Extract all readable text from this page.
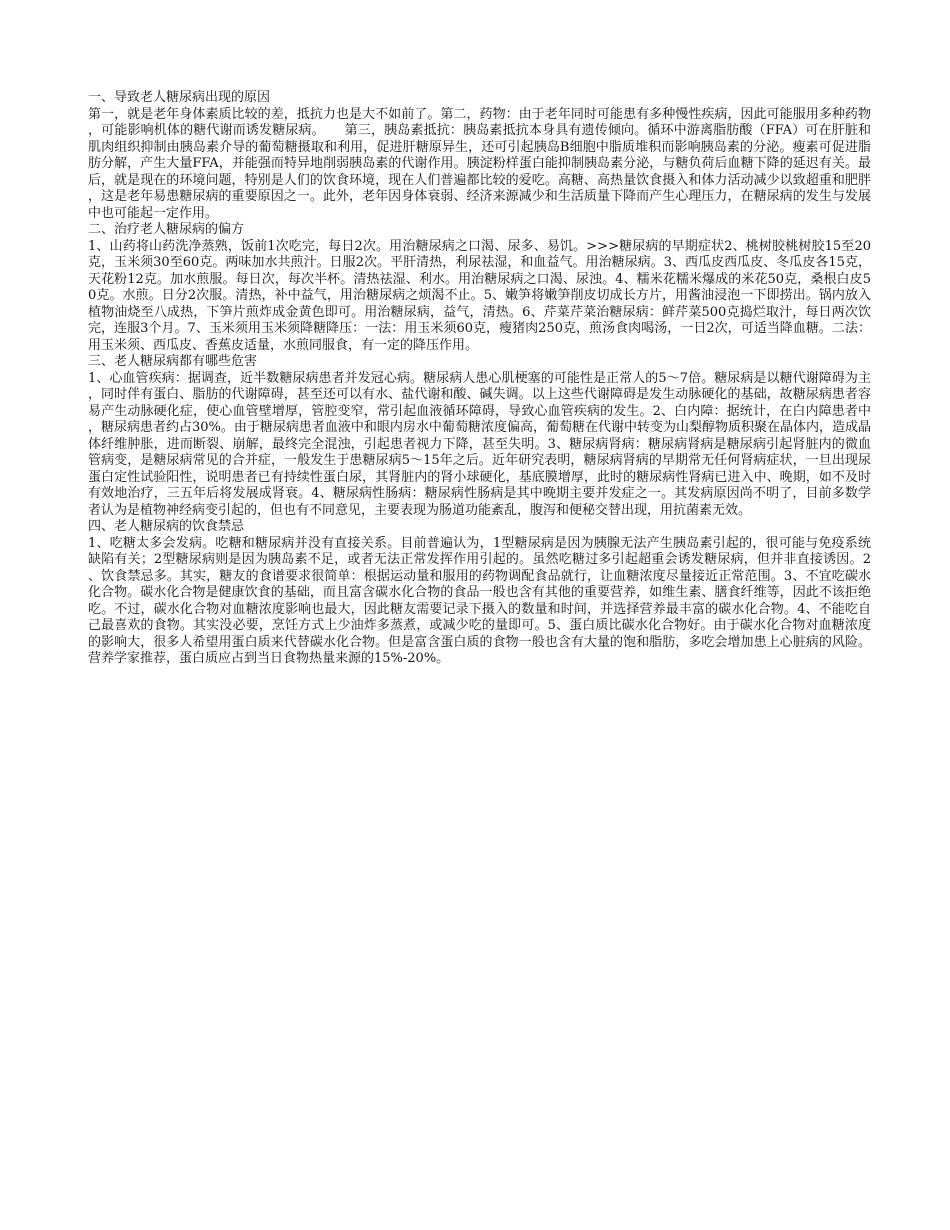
一、导致老人糖尿病出现的原因

第一，就是老年身体素质比较的差，抵抗力也是大不如前了。第二，药物：由于老年同时可能患有多种慢性疾病，因此可能服用多种药物，可能影响机体的糖代谢而诱发糖尿病。　　第三，胰岛素抵抗：胰岛素抵抗本身具有遗传倾向。循环中游离脂肪酸（FFA）可在肝脏和肌肉组织抑制由胰岛素介导的葡萄糖摄取和利用，促进肝糖原异生，还可引起胰岛B细胞中脂质堆积而影响胰岛素的分泌。瘦素可促进脂肪分解，产生大量FFA，并能强而特异地削弱胰岛素的代谢作用。胰淀粉样蛋白能抑制胰岛素分泌，与糖负荷后血糖下降的延迟有关。最后，就是现在的环境问题，特别是人们的饮食环境，现在人们普遍都比较的爱吃。高糖、高热量饮食摄入和体力活动减少以致超重和肥胖，这是老年易患糖尿病的重要原因之一。此外，老年因身体衰弱、经济来源减少和生活质量下降而产生心理压力，在糖尿病的发生与发展中也可能起一定作用。

二、治疗老人糖尿病的偏方

1、山药将山药洗净蒸熟，饭前1次吃完，每日2次。用治糖尿病之口渴、尿多、易饥。>>>糖尿病的早期症状2、桃树胶桃树胶15至20克，玉米须30至60克。两味加水共煎汁。日服2次。平肝清热，利尿祛湿，和血益气。用治糖尿病。3、西瓜皮西瓜皮、冬瓜皮各15克，天花粉12克。加水煎服。每日次，每次半杯。清热祛湿、利水。用治糖尿病之口渴、尿浊。4、糯米花糯米爆成的米花50克，桑根白皮50克。水煎。日分2次服。清热，补中益气，用治糖尿病之烦渴不止。5、嫩笋将嫩笋削皮切成长方片，用酱油浸泡一下即捞出。锅内放入植物油烧至八成热，下笋片煎炸成金黄色即可。用治糖尿病，益气，清热。6、芹菜芹菜治糖尿病：鲜芹菜500克捣烂取汁，每日两次饮完，连服3个月。7、玉米须用玉米须降糖降压：一法：用玉米须60克，瘦猪肉250克，煎汤食肉喝汤，一日2次，可适当降血糖。二法：用玉米须、西瓜皮、香蕉皮适量，水煎同服食，有一定的降压作用。

三、老人糖尿病都有哪些危害

1、心血管疾病：据调查，近半数糖尿病患者并发冠心病。糖尿病人患心肌梗塞的可能性是正常人的5～7倍。糖尿病是以糖代谢障碍为主，同时伴有蛋白、脂肪的代谢障碍，甚至还可以有水、盐代谢和酸、碱失调。以上这些代谢障碍是发生动脉硬化的基础，故糖尿病患者容易产生动脉硬化症，使心血管壁增厚，管腔变窄，常引起血液循环障碍，导致心血管疾病的发生。2、白内障：据统计，在白内障患者中，糖尿病患者约占30%。由于糖尿病患者血液中和眼内房水中葡萄糖浓度偏高，葡萄糖在代谢中转变为山梨醇物质积聚在晶体内，造成晶体纤维肿胀，进而断裂、崩解，最终完全混浊，引起患者视力下降，甚至失明。3、糖尿病肾病：糖尿病肾病是糖尿病引起肾脏内的微血管病变，是糖尿病常见的合并症，一般发生于患糖尿病5～15年之后。近年研究表明，糖尿病肾病的早期常无任何肾病症状，一旦出现尿蛋白定性试验阳性，说明患者已有持续性蛋白尿，其肾脏内的肾小球硬化，基底膜增厚，此时的糖尿病性肾病已进入中、晚期，如不及时有效地治疗，三五年后将发展成肾衰。4、糖尿病性肠病：糖尿病性肠病是其中晚期主要并发症之一。其发病原因尚不明了，目前多数学者认为是植物神经病变引起的，但也有不同意见，主要表现为肠道功能紊乱，腹泻和便秘交替出现，用抗菌素无效。

四、老人糖尿病的饮食禁忌

1、吃糖太多会发病。吃糖和糖尿病并没有直接关系。目前普遍认为，1型糖尿病是因为胰腺无法产生胰岛素引起的，很可能与免疫系统缺陷有关；2型糖尿病则是因为胰岛素不足，或者无法正常发挥作用引起的。虽然吃糖过多引起超重会诱发糖尿病，但并非直接诱因。2、饮食禁忌多。其实，糖友的食谱要求很简单：根据运动量和服用的药物调配食品就行，让血糖浓度尽量接近正常范围。3、不宜吃碳水化合物。碳水化合物是健康饮食的基础，而且富含碳水化合物的食品一般也含有其他的重要营养，如维生素、膳食纤维等，因此不该拒绝吃。不过，碳水化合物对血糖浓度影响也最大，因此糖友需要记录下摄入的数量和时间，并选择营养最丰富的碳水化合物。4、不能吃自己最喜欢的食物。其实没必要，烹饪方式上少油炸多蒸煮，或减少吃的量即可。5、蛋白质比碳水化合物好。由于碳水化合物对血糖浓度的影响大，很多人希望用蛋白质来代替碳水化合物。但是富含蛋白质的食物一般也含有大量的饱和脂肪，多吃会增加患上心脏病的风险。营养学家推荐，蛋白质应占到当日食物热量来源的15%-20%。
